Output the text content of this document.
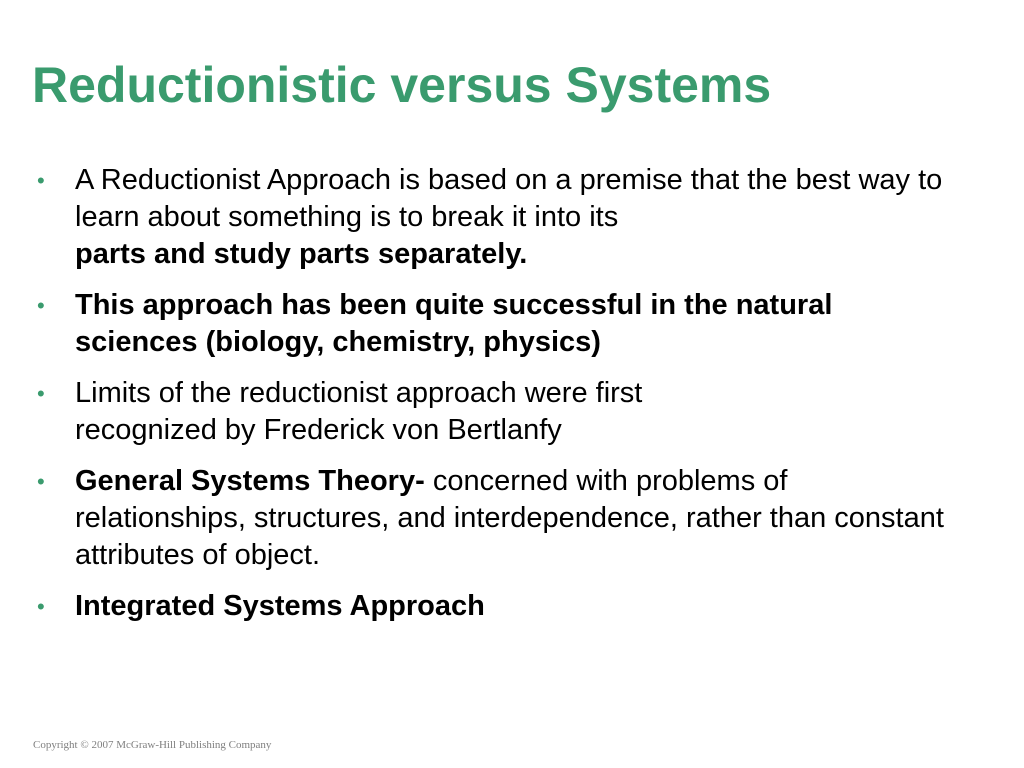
Reductionistic versus Systems
•	A Reductionist Approach is based on a premise that the best way to learn about something is to break it into its
parts and study parts separately.
•	This approach has been quite successful in the natural sciences (biology, chemistry, physics)
•	Limits of the reductionist approach were first recognized by Frederick von Bertlanfy
•	General Systems Theory- concerned with problems of relationships, structures, and interdependence, rather than constant attributes of object.
•	Integrated Systems Approach
Copyright © 2007 McGraw-Hill Publishing Company
